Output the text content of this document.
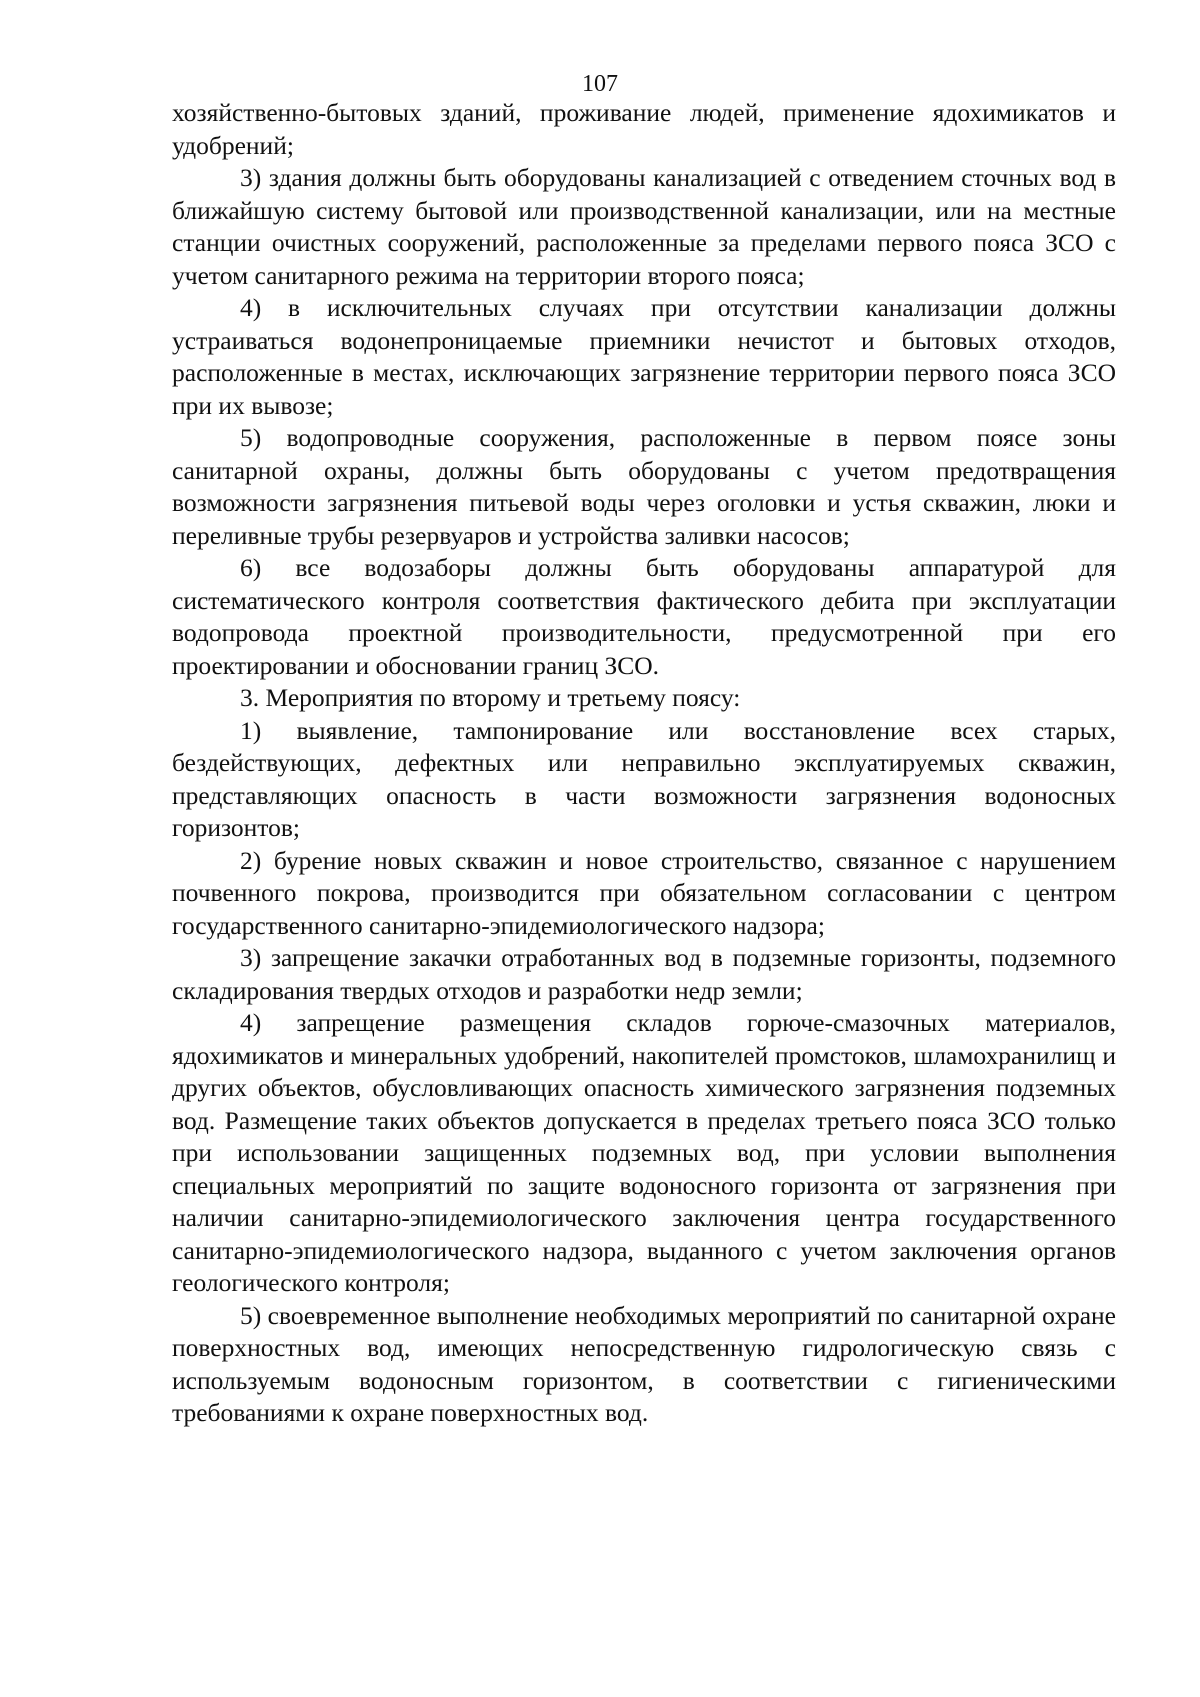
107

хозяйственно-бытовых зданий, проживание людей, применение ядохимикатов и удобрений;

3) здания должны быть оборудованы канализацией с отведением сточных вод в ближайшую систему бытовой или производственной канализации, или на местные станции очистных сооружений, расположенные за пределами первого пояса ЗСО с учетом санитарного режима на территории второго пояса;

4) в исключительных случаях при отсутствии канализации должны устраиваться водонепроницаемые приемники нечистот и бытовых отходов, расположенные в местах, исключающих загрязнение территории первого пояса ЗСО при их вывозе;

5) водопроводные сооружения, расположенные в первом поясе зоны санитарной охраны, должны быть оборудованы с учетом предотвращения возможности загрязнения питьевой воды через оголовки и устья скважин, люки и переливные трубы резервуаров и устройства заливки насосов;

6) все водозаборы должны быть оборудованы аппаратурой для систематического контроля соответствия фактического дебита при эксплуатации водопровода проектной производительности, предусмотренной при его проектировании и обосновании границ ЗСО.

3. Мероприятия по второму и третьему поясу:

1) выявление, тампонирование или восстановление всех старых, бездействующих, дефектных или неправильно эксплуатируемых скважин, представляющих опасность в части возможности загрязнения водоносных горизонтов;

2) бурение новых скважин и новое строительство, связанное с нарушением почвенного покрова, производится при обязательном согласовании с центром государственного санитарно-эпидемиологического надзора;

3) запрещение закачки отработанных вод в подземные горизонты, подземного складирования твердых отходов и разработки недр земли;

4) запрещение размещения складов горюче-смазочных материалов, ядохимикатов и минеральных удобрений, накопителей промстоков, шламохранилищ и других объектов, обусловливающих опасность химического загрязнения подземных вод. Размещение таких объектов допускается в пределах третьего пояса ЗСО только при использовании защищенных подземных вод, при условии выполнения специальных мероприятий по защите водоносного горизонта от загрязнения при наличии санитарно-эпидемиологического заключения центра государственного санитарно-эпидемиологического надзора, выданного с учетом заключения органов геологического контроля;

5) своевременное выполнение необходимых мероприятий по санитарной охране поверхностных вод, имеющих непосредственную гидрологическую связь с используемым водоносным горизонтом, в соответствии с гигиеническими требованиями к охране поверхностных вод.
